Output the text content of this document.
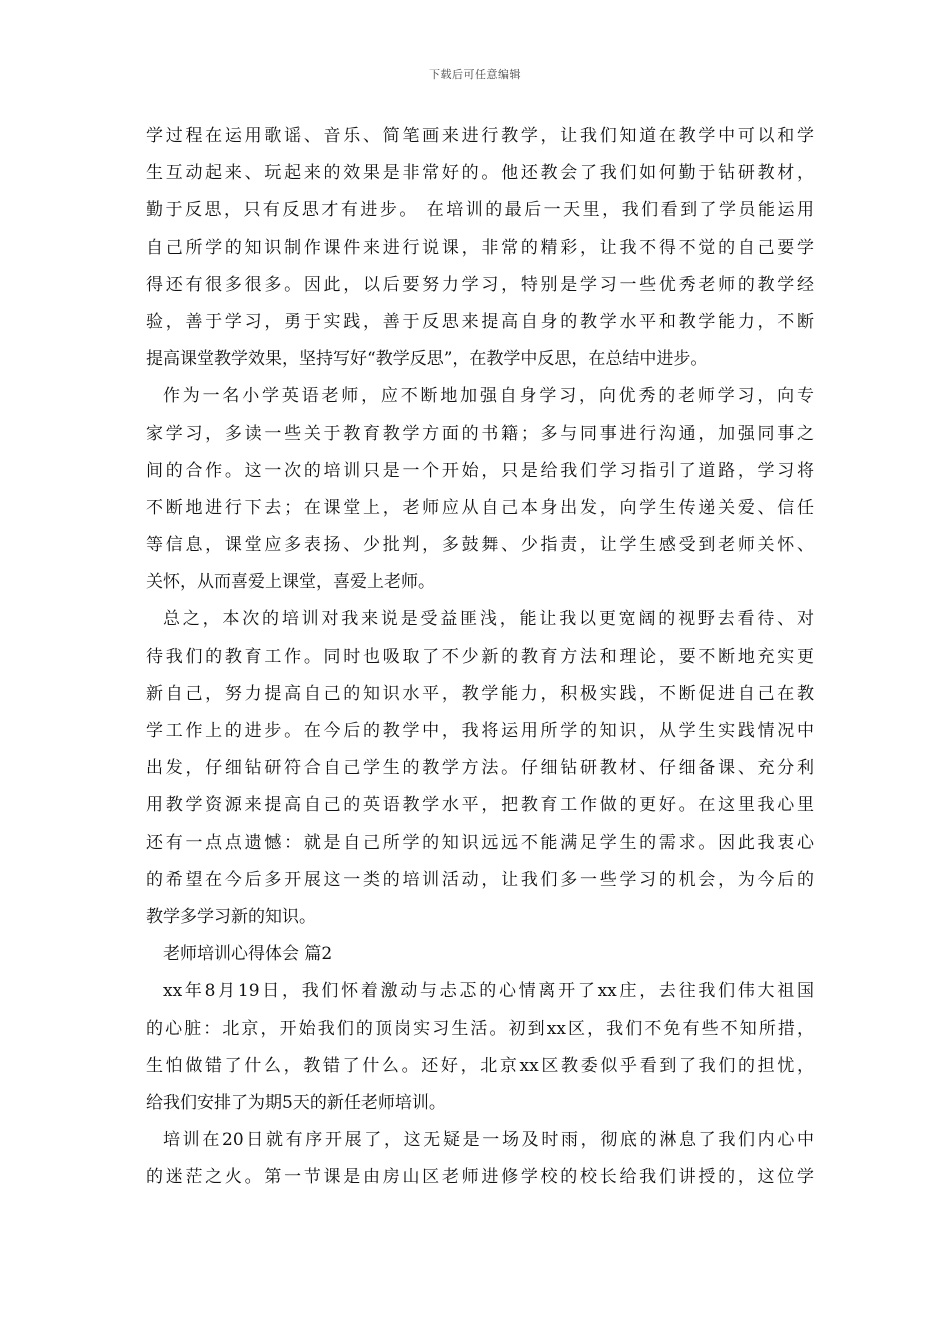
下载后可任意编辑
学过程在运用歌谣、音乐、简笔画来进行教学，让我们知道在教学中可以和学
生互动起来、玩起来的效果是非常好的。他还教会了我们如何勤于钻研教材，
勤于反思，只有反思才有进步。 在培训的最后一天里，我们看到了学员能运用
自己所学的知识制作课件来进行说课，非常的精彩，让我不得不觉的自己要学
得还有很多很多。因此，以后要努力学习，特别是学习一些优秀老师的教学经
验，善于学习，勇于实践，善于反思来提高自身的教学水平和教学能力，不断
提高课堂教学效果，坚持写好“教学反思”，在教学中反思，在总结中进步。
作为一名小学英语老师，应不断地加强自身学习，向优秀的老师学习，向专
家学习，多读一些关于教育教学方面的书籍；多与同事进行沟通，加强同事之
间的合作。这一次的培训只是一个开始，只是给我们学习指引了道路，学习将
不断地进行下去；在课堂上，老师应从自己本身出发，向学生传递关爱、信任
等信息，课堂应多表扬、少批判，多鼓舞、少指责，让学生感受到老师关怀、
关怀，从而喜爱上课堂，喜爱上老师。
总之，本次的培训对我来说是受益匪浅，能让我以更宽阔的视野去看待、对
待我们的教育工作。同时也吸取了不少新的教育方法和理论，要不断地充实更
新自己，努力提高自己的知识水平，教学能力，积极实践，不断促进自己在教
学工作上的进步。在今后的教学中，我将运用所学的知识，从学生实践情况中
出发，仔细钻研符合自己学生的教学方法。仔细钻研教材、仔细备课、充分利
用教学资源来提高自己的英语教学水平，把教育工作做的更好。在这里我心里
还有一点点遗憾：就是自己所学的知识远远不能满足学生的需求。因此我衷心
的希望在今后多开展这一类的培训活动，让我们多一些学习的机会，为今后的
教学多学习新的知识。
老师培训心得体会 篇2
xx年8月19日，我们怀着激动与忐忑的心情离开了xx庄，去往我们伟大祖国
的心脏：北京，开始我们的顶岗实习生活。初到xx区，我们不免有些不知所措，
生怕做错了什么，教错了什么。还好，北京xx区教委似乎看到了我们的担忧，
给我们安排了为期5天的新任老师培训。
培训在20日就有序开展了，这无疑是一场及时雨，彻底的淋息了我们内心中
的迷茫之火。第一节课是由房山区老师进修学校的校长给我们讲授的，这位学
